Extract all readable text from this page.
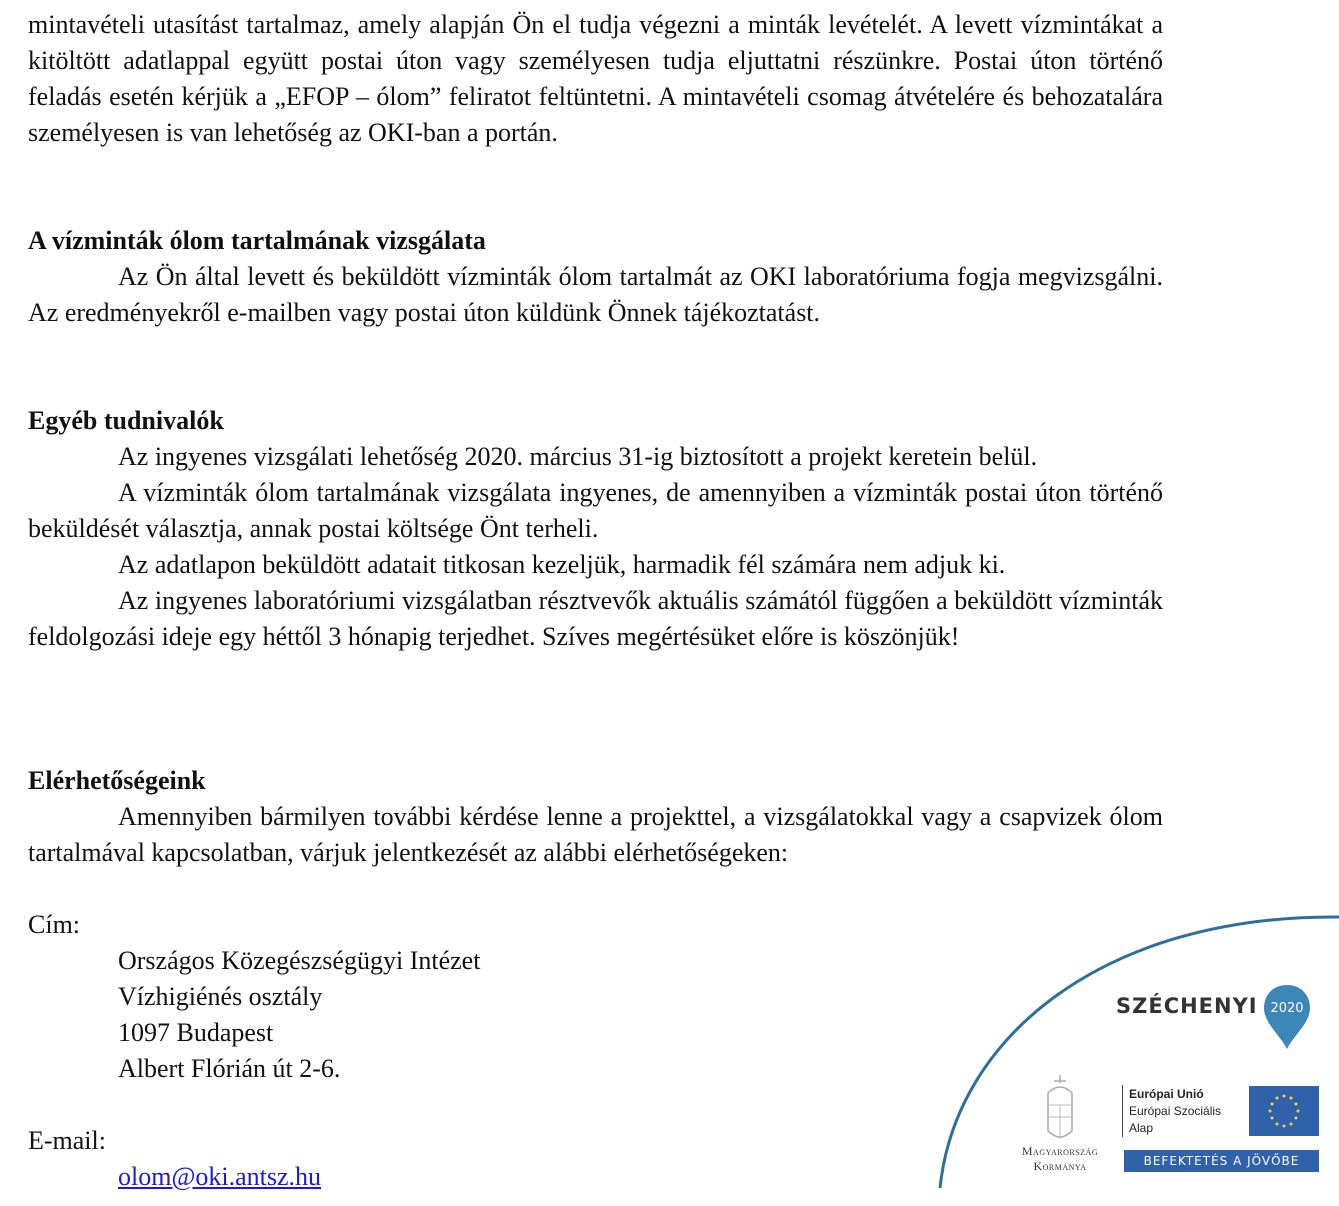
mintavételi utasítást tartalmaz, amely alapján Ön el tudja végezni a minták levételét. A levett vízmintákat a kitöltött adatlappal együtt postai úton vagy személyesen tudja eljuttatni részünkre. Postai úton történő feladás esetén kérjük a „EFOP – ólom” feliratot feltüntetni. A mintavételi csomag átvételére és behozatalára személyesen is van lehetőség az OKI-ban a portán.

A vízminták ólom tartalmának vizsgálata

Az Ön által levett és beküldött vízminták ólom tartalmát az OKI laboratóriuma fogja megvizsgálni. Az eredményekről e-mailben vagy postai úton küldünk Önnek tájékoztatást.

Egyéb tudnivalók

Az ingyenes vizsgálati lehetőség 2020. március 31-ig biztosított a projekt keretein belül.

A vízminták ólom tartalmának vizsgálata ingyenes, de amennyiben a vízminták postai úton történő beküldését választja, annak postai költsége Önt terheli.

Az adatlapon beküldött adatait titkosan kezeljük, harmadik fél számára nem adjuk ki.

Az ingyenes laboratóriumi vizsgálatban résztvevők aktuális számától függően a beküldött vízminták feldolgozási ideje egy héttől 3 hónapig terjedhet. Szíves megértésüket előre is köszönjük!

Elérhetőségeink

Amennyiben bármilyen további kérdése lenne a projekttel, a vizsgálatokkal vagy a csapvizek ólom tartalmával kapcsolatban, várjuk jelentkezését az alábbi elérhetőségeken:

Cím:

Országos Közegészségügyi Intézet
Vízhigiénés osztály
1097 Budapest
Albert Flórián út 2-6.

E-mail:

olom@oki.antsz.hu
SZÉCHENYI 2020
Magyarország
Kormánya
Európai Unió
Európai Szociális
Alap
BEFEKTETÉS A JÖVŐBE
